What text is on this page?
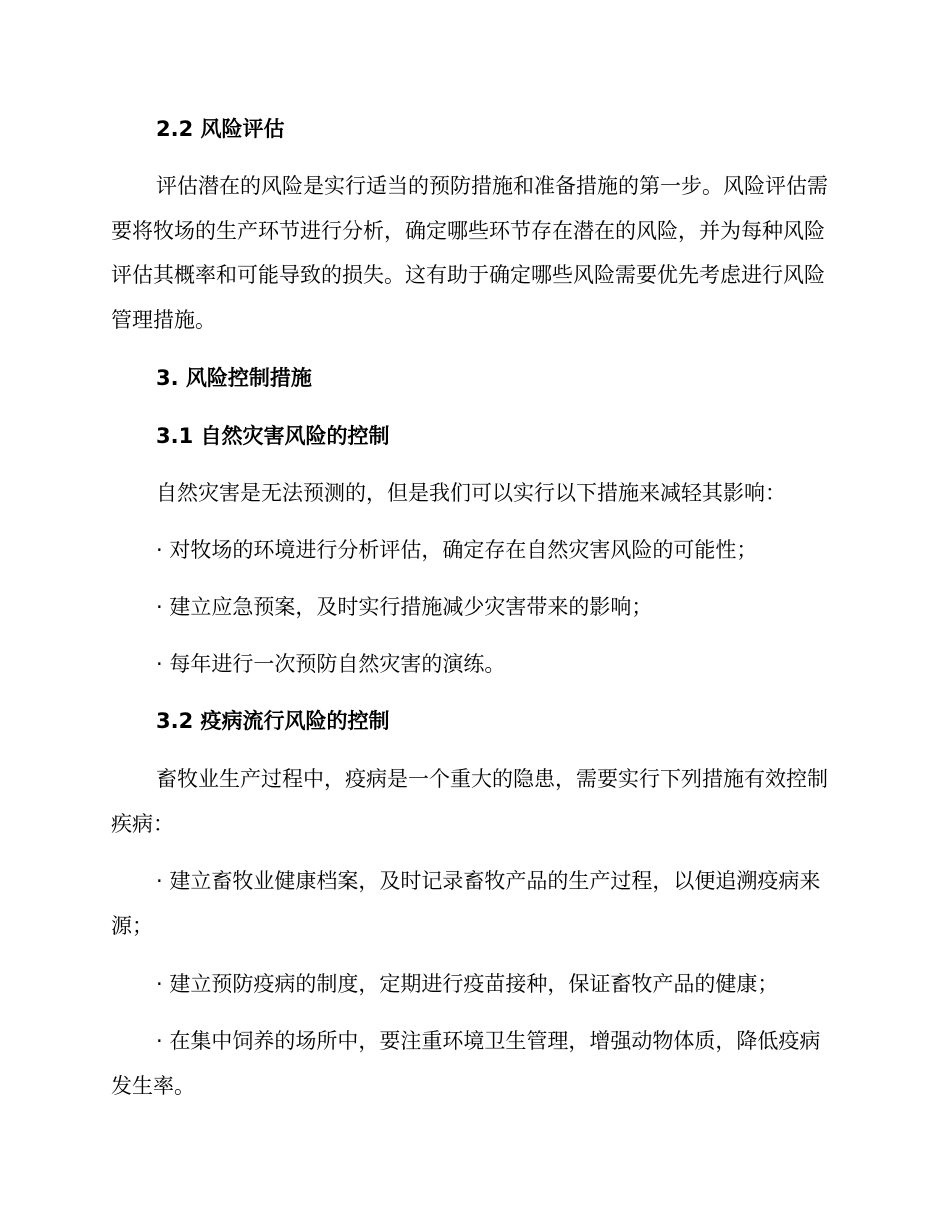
2.2 风险评估

评估潜在的风险是实行适当的预防措施和准备措施的第一步。风险评估需要将牧场的生产环节进行分析，确定哪些环节存在潜在的风险，并为每种风险评估其概率和可能导致的损失。这有助于确定哪些风险需要优先考虑进行风险管理措施。

3. 风险控制措施
3.1 自然灾害风险的控制

自然灾害是无法预测的，但是我们可以实行以下措施来减轻其影响：

· 对牧场的环境进行分析评估，确定存在自然灾害风险的可能性；

· 建立应急预案，及时实行措施减少灾害带来的影响；

· 每年进行一次预防自然灾害的演练。

3.2 疫病流行风险的控制

畜牧业生产过程中，疫病是一个重大的隐患，需要实行下列措施有效控制疾病：

· 建立畜牧业健康档案，及时记录畜牧产品的生产过程，以便追溯疫病来源；

· 建立预防疫病的制度，定期进行疫苗接种，保证畜牧产品的健康；

· 在集中饲养的场所中，要注重环境卫生管理，增强动物体质，降低疫病发生率。
